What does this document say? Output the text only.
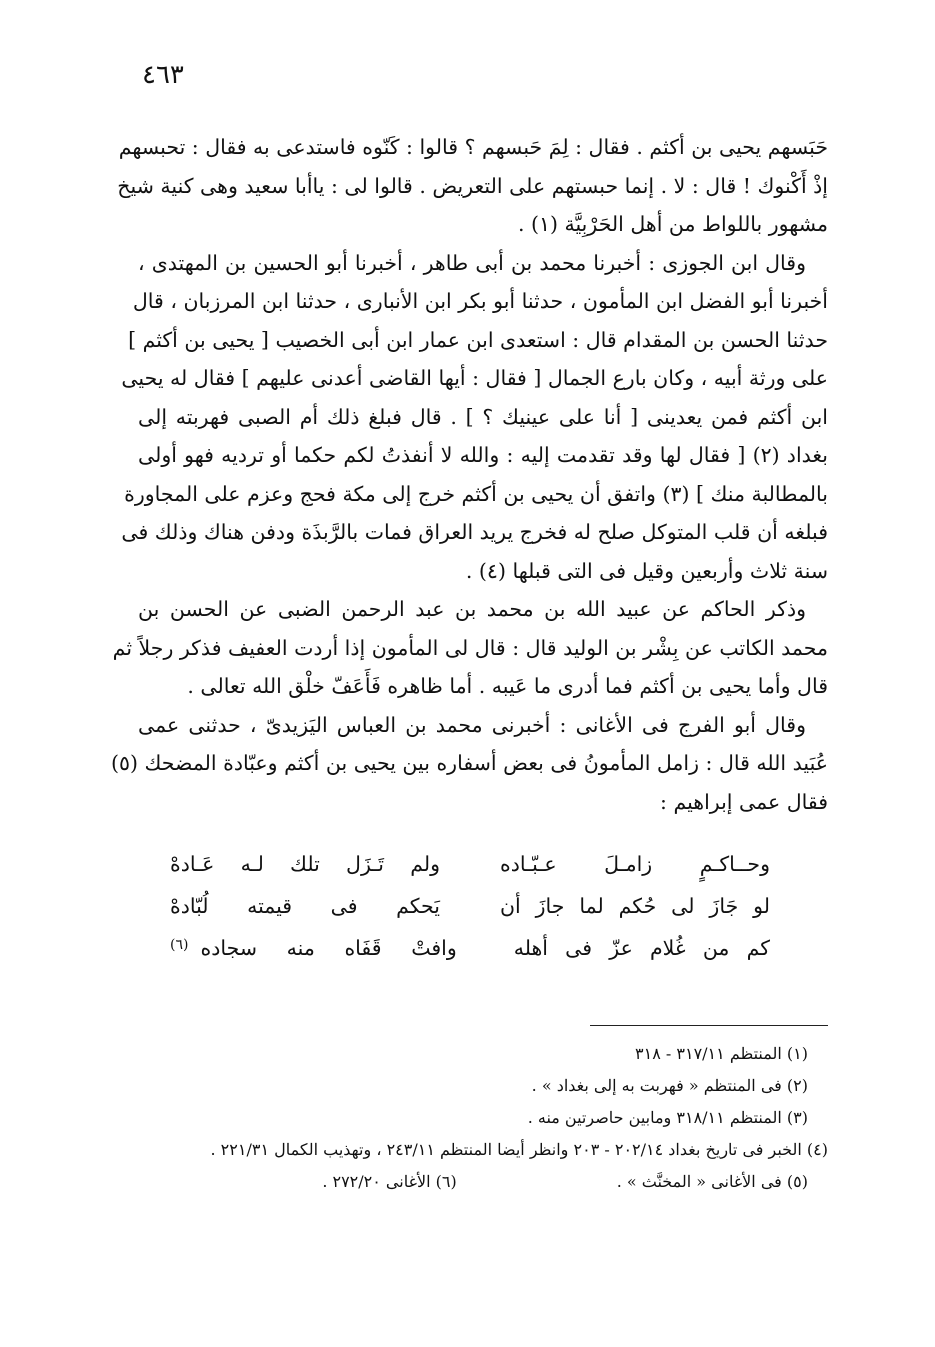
٤٦٣
حَبَسهم يحيى بن أكثم . فقال : لِمَ حَبسهم ؟ قالوا : كَنّوه فاستدعى به فقال : تحبسهم
إذْ أَكْنوك ! قال : لا . إنما حبستهم على التعريض . قالوا لى : ياأبا سعيد وهى كنية شيخ
مشهور باللواط من أهل الحَرْبِيَّة (١) .
وقال ابن الجوزى : أخبرنا محمد بن أبى طاهر ، أخبرنا أبو الحسين بن المهتدى ،
أخبرنا أبو الفضل ابن المأمون ، حدثنا أبو بكر ابن الأنبارى ، حدثنا ابن المرزبان ، قال
حدثنا الحسن بن المقدام قال : استعدى ابن عمار ابن أبى الخصيب [ يحيى بن أكثم ]
على ورثة أبيه ، وكان بارع الجمال [ فقال : أيها القاضى أعدنى عليهم ] فقال له يحيى
ابن أكثم فمن يعدينى [ أنا على عينيك ؟ ] . قال فبلغ ذلك أم الصبى فهربته إلى
بغداد (٢) [ فقال لها وقد تقدمت إليه : والله لا أنفذتُ لكم حكما أو ترديه فهو أولى
بالمطالبة منك ] (٣) واتفق أن يحيى بن أكثم خرج إلى مكة فحج وعزم على المجاورة
فبلغه أن قلب المتوكل صلح له فخرج يريد العراق فمات بالرَّبذَة ودفن هناك وذلك فى
سنة ثلاث وأربعين وقيل فى التى قبلها (٤) .
وذكر الحاكم عن عبيد الله بن محمد بن عبد الرحمن الضبى عن الحسن بن
محمد الكاتب عن بِشْر بن الوليد قال : قال لى المأمون إذا أردت العفيف فذكر رجلاً ثم
قال وأما يحيى بن أكثم فما أدرى ما عَيبه . أما ظاهره فَأَعَفّ خلْق الله تعالى .
وقال أبو الفرج فى الأغانى : أخبرنى محمد بن العباس اليَزيدىّ ، حدثنى عمى
عُبَيد الله قال : زامل المأمونُ فى بعض أسفاره بين يحيى بن أكثم وعبّادة المضحك (٥)
فقال عمى إبراهيم :
وحــاكـمٍ زامـلَ عـبّـاده
ولم تَـزَل تلك لـه عَـادهْ
لو جَازَ لى حُكم لما جازَ أن
يَحكم فى قيمته لُبّادهْ
كم من غُلام عزّ فى أهله
وافتْ قَفَاه منه سجاده
(٦)
(١) المنتظم ٣١٧/١١ - ٣١٨
(٢) فى المنتظم « فهربت به إلى بغداد » .
(٣) المنتظم ٣١٨/١١ ومابين حاصرتين منه .
(٤) الخبر فى تاريخ بغداد ٢٠٢/١٤ - ٢٠٣ وانظر أيضا المنتظم ٢٤٣/١١ ، وتهذيب الكمال ٢٢١/٣١ .
(٥) فى الأغانى « المخنَّث » .
(٦) الأغانى ٢٧٢/٢٠ .
